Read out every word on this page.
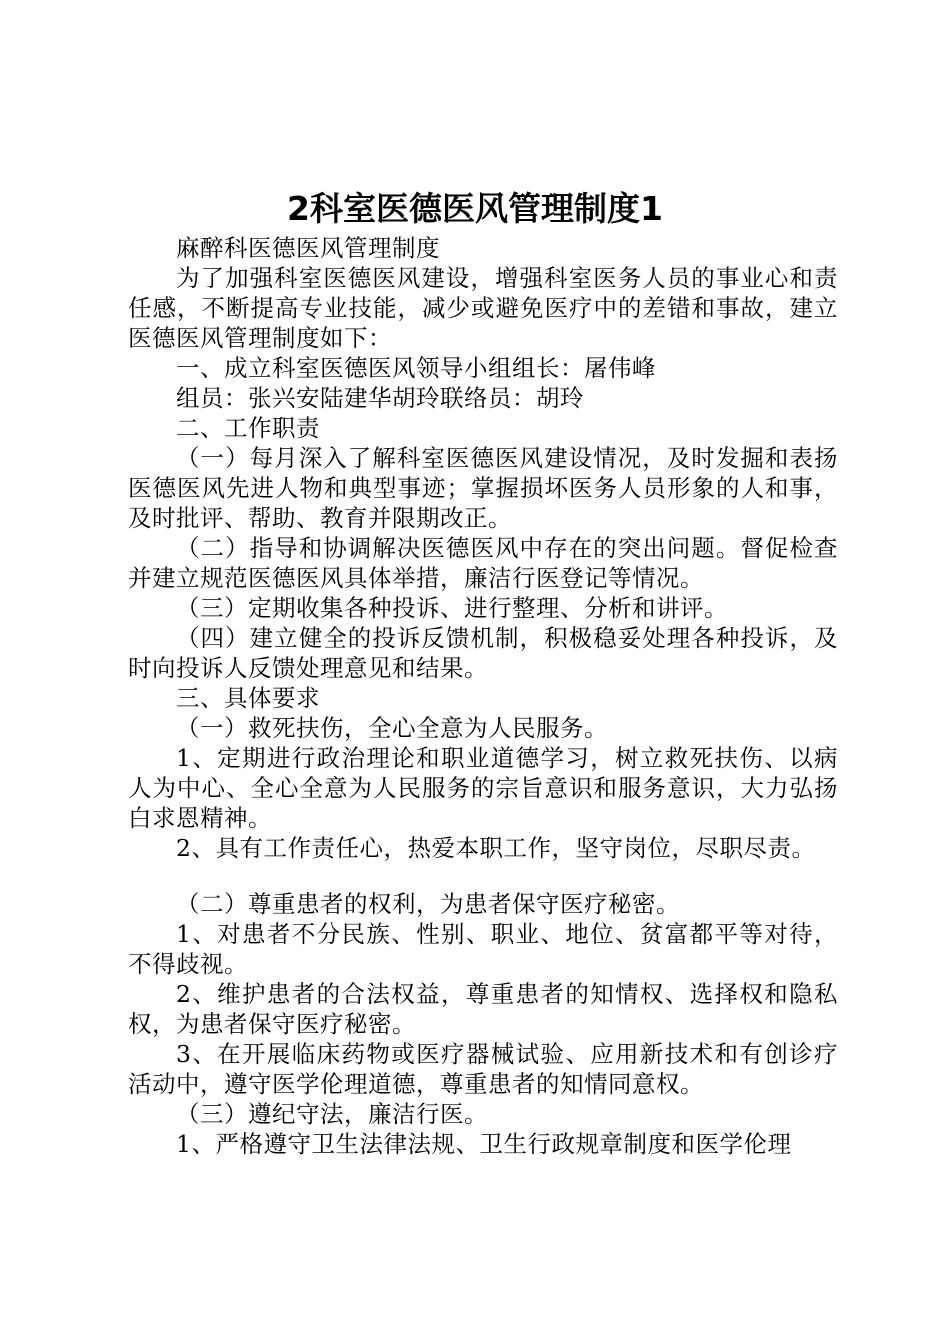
2科室医德医风管理制度1

麻醉科医德医风管理制度

为了加强科室医德医风建设，增强科室医务人员的事业心和责任感，不断提高专业技能，减少或避免医疗中的差错和事故，建立医德医风管理制度如下：

一、成立科室医德医风领导小组组长：屠伟峰

组员：张兴安陆建华胡玲联络员：胡玲

二、工作职责

（一）每月深入了解科室医德医风建设情况，及时发掘和表扬医德医风先进人物和典型事迹；掌握损坏医务人员形象的人和事，及时批评、帮助、教育并限期改正。

（二）指导和协调解决医德医风中存在的突出问题。督促检查并建立规范医德医风具体举措，廉洁行医登记等情况。

（三）定期收集各种投诉、进行整理、分析和讲评。

（四）建立健全的投诉反馈机制，积极稳妥处理各种投诉，及时向投诉人反馈处理意见和结果。

三、具体要求

（一）救死扶伤，全心全意为人民服务。

1、定期进行政治理论和职业道德学习，树立救死扶伤、以病人为中心、全心全意为人民服务的宗旨意识和服务意识，大力弘扬白求恩精神。

2、具有工作责任心，热爱本职工作，坚守岗位，尽职尽责。

（二）尊重患者的权利，为患者保守医疗秘密。

1、对患者不分民族、性别、职业、地位、贫富都平等对待，不得歧视。

2、维护患者的合法权益，尊重患者的知情权、选择权和隐私权，为患者保守医疗秘密。

3、在开展临床药物或医疗器械试验、应用新技术和有创诊疗活动中，遵守医学伦理道德，尊重患者的知情同意权。

（三）遵纪守法，廉洁行医。

1、严格遵守卫生法律法规、卫生行政规章制度和医学伦理
